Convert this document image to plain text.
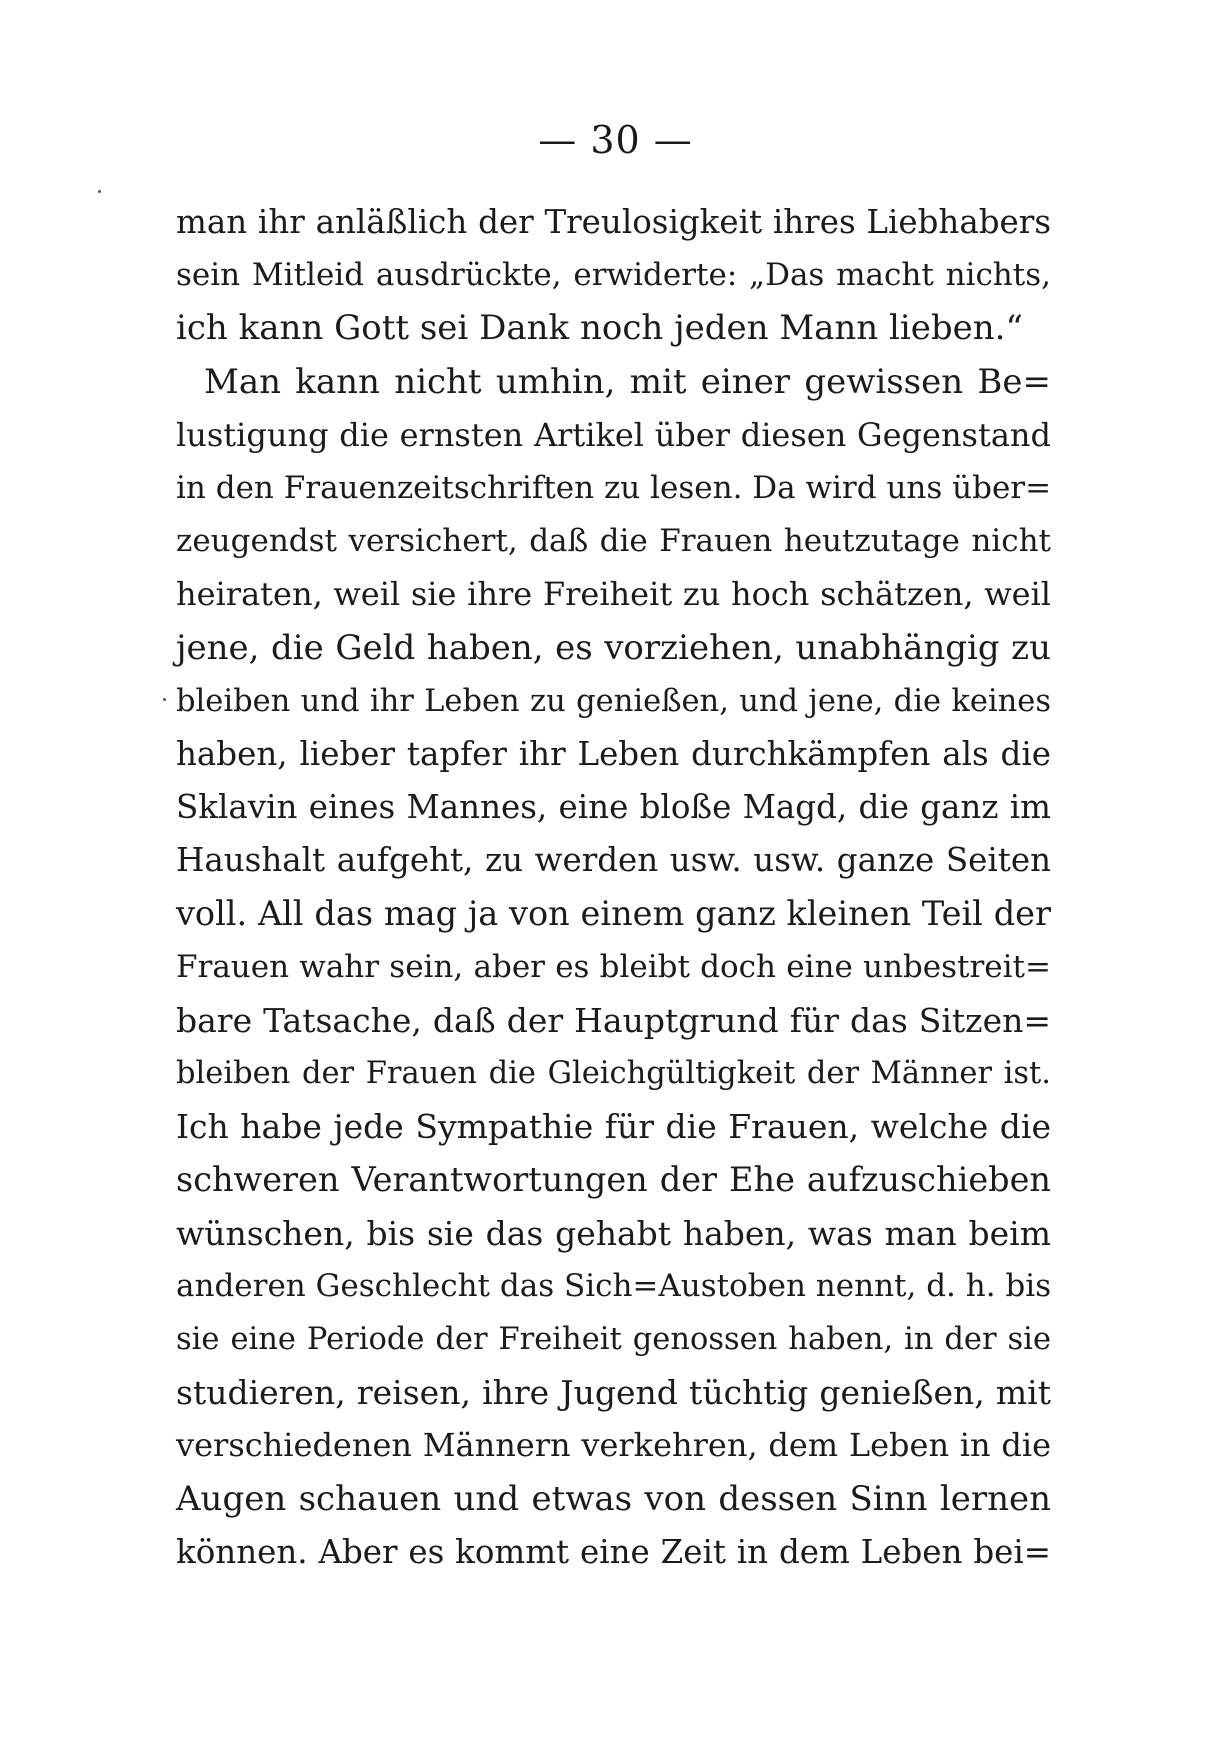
— 30 —
man ihr anläßlich der Treulosigkeit ihres Liebhabers
sein Mitleid ausdrückte, erwiderte: „Das macht nichts,
ich kann Gott sei Dank noch jeden Mann lieben.“
Man kann nicht umhin, mit einer gewissen Be=
lustigung die ernsten Artikel über diesen Gegenstand
in den Frauenzeitschriften zu lesen. Da wird uns über=
zeugendst versichert, daß die Frauen heutzutage nicht
heiraten, weil sie ihre Freiheit zu hoch schätzen, weil
jene, die Geld haben, es vorziehen, unabhängig zu
bleiben und ihr Leben zu genießen, und jene, die keines
haben, lieber tapfer ihr Leben durchkämpfen als die
Sklavin eines Mannes, eine bloße Magd, die ganz im
Haushalt aufgeht, zu werden usw. usw. ganze Seiten
voll. All das mag ja von einem ganz kleinen Teil der
Frauen wahr sein, aber es bleibt doch eine unbestreit=
bare Tatsache, daß der Hauptgrund für das Sitzen=
bleiben der Frauen die Gleichgültigkeit der Männer ist.
Ich habe jede Sympathie für die Frauen, welche die
schweren Verantwortungen der Ehe aufzuschieben
wünschen, bis sie das gehabt haben, was man beim
anderen Geschlecht das Sich=Austoben nennt, d. h. bis
sie eine Periode der Freiheit genossen haben, in der sie
studieren, reisen, ihre Jugend tüchtig genießen, mit
verschiedenen Männern verkehren, dem Leben in die
Augen schauen und etwas von dessen Sinn lernen
können. Aber es kommt eine Zeit in dem Leben bei=
